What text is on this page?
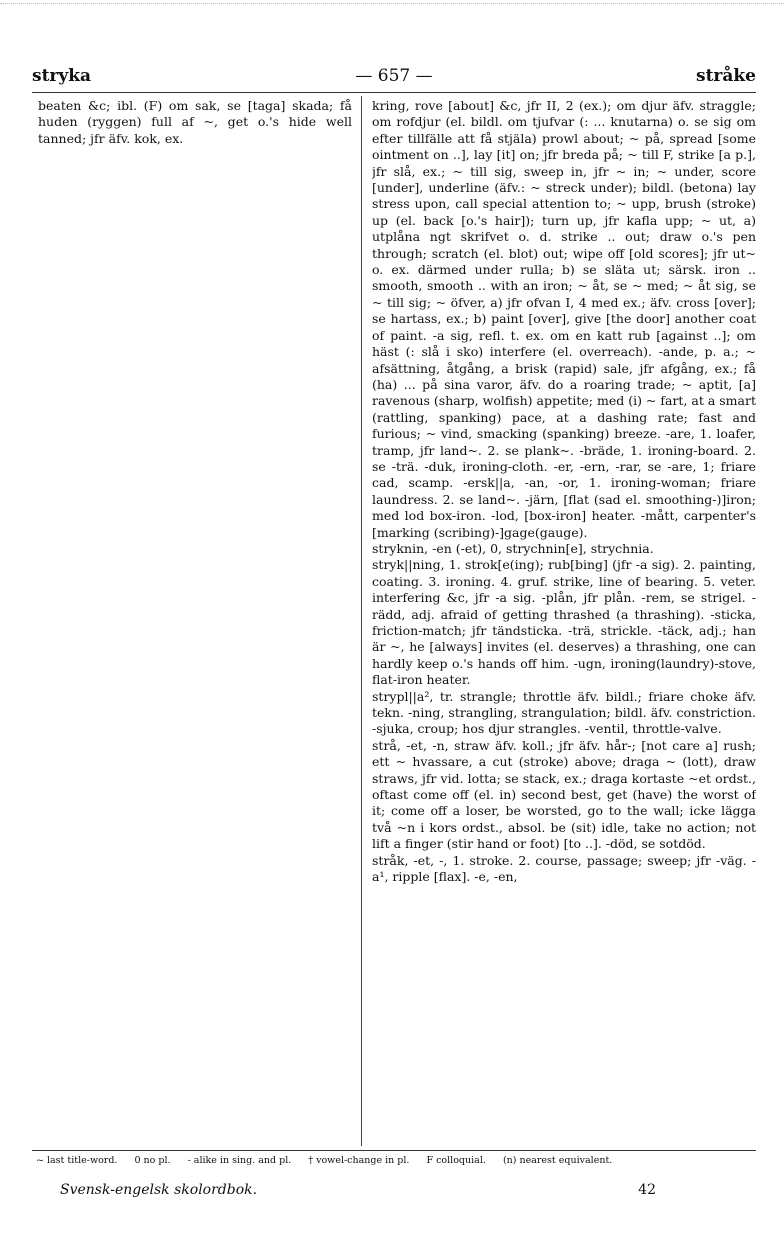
stryka	— 657 —	stråke

beaten &c; ibl. (F) om sak, se [taga] skada; få huden (ryggen) full af ~, get o.'s hide well tanned; jfr äfv. kok, ex.

kring, rove [about] &c, jfr II, 2 (ex.); om djur äfv. straggle; om rofdjur (el. bildl. om tjufvar (: ... knutarna) o. se sig om efter tillfälle att få stjäla) prowl about; ~ på, spread [some ointment on ..], lay [it] on; jfr breda på; ~ till F, strike [a p.], jfr slå, ex.; ~ till sig, sweep in, jfr ~ in; ~ under, score [under], underline (äfv.: ~ streck under); bildl. (betona) lay stress upon, call special attention to; ~ upp, brush (stroke) up (el. back [o.'s hair]); turn up, jfr kafla upp; ~ ut, a) utplåna ngt skrifvet o. d. strike .. out; draw o.'s pen through; scratch (el. blot) out; wipe off [old scores]; jfr ut~ o. ex. därmed under rulla; b) se släta ut; särsk. iron .. smooth, smooth .. with an iron; ~ åt, se ~ med; ~ åt sig, se ~ till sig; ~ öfver, a) jfr ofvan I, 4 med ex.; äfv. cross [over]; se hartass, ex.; b) paint [over], give [the door] another coat of paint. -a sig, refl. t. ex. om en katt rub [against ..]; om häst (: slå i sko) interfere (el. overreach). -ande, p. a.; ~ afsättning, åtgång, a brisk (rapid) sale, jfr afgång, ex.; få (ha) ... på sina varor, äfv. do a roaring trade; ~ aptit, [a] ravenous (sharp, wolfish) appetite; med (i) ~ fart, at a smart (rattling, spanking) pace, at a dashing rate; fast and furious; ~ vind, smacking (spanking) breeze. -are, 1. loafer, tramp, jfr land~. 2. se plank~. -bräde, 1. ironing-board. 2. se -trä. -duk, ironing-cloth. -er, -ern, -rar, se -are, 1; friare cad, scamp. -ersk||a, -an, -or, 1. ironing-woman; friare laundress. 2. se land~. -järn, [flat (sad el. smoothing-)]iron; med lod box-iron. -lod, [box-iron] heater. -mått, carpenter's [marking (scribing)-]gage(gauge).

stryknin, -en (-et), 0, strychnin[e], strychnia.

stryk||ning, 1. strok[e(ing); rub[bing] (jfr -a sig). 2. painting, coating. 3. ironing. 4. gruf. strike, line of bearing. 5. veter. interfering &c, jfr -a sig. -plån, jfr plån. -rem, se strigel. -rädd, adj. afraid of getting thrashed (a thrashing). -sticka, friction-match; jfr tändsticka. -trä, strickle. -täck, adj.; han är ~, he [always] invites (el. deserves) a thrashing, one can hardly keep o.'s hands off him. -ugn, ironing(laundry)-stove, flat-iron heater.

strypl||a², tr. strangle; throttle äfv. bildl.; friare choke äfv. tekn. -ning, strangling, strangulation; bildl. äfv. constriction. -sjuka, croup; hos djur strangles. -ventil, throttle-valve.

strå, -et, -n, straw äfv. koll.; jfr äfv. hår-; [not care a] rush; ett ~ hvassare, a cut (stroke) above; draga ~ (lott), draw straws, jfr vid. lotta; se stack, ex.; draga kortaste ~et ordst., oftast come off (el. in) second best, get (have) the worst of it; come off a loser, be worsted, go to the wall; icke lägga två ~n i kors ordst., absol. be (sit) idle, take no action; not lift a finger (stir hand or foot) [to ..]. -död, se sotdöd.

stråk, -et, -, 1. stroke. 2. course, passage; sweep; jfr -väg. -a¹, ripple [flax]. -e, -en,

~ last title-word. 0 no pl. - alike in sing. and pl. † vowel-change in pl. F colloquial. (n) nearest equivalent.
Svensk-engelsk skolordbok.	42
